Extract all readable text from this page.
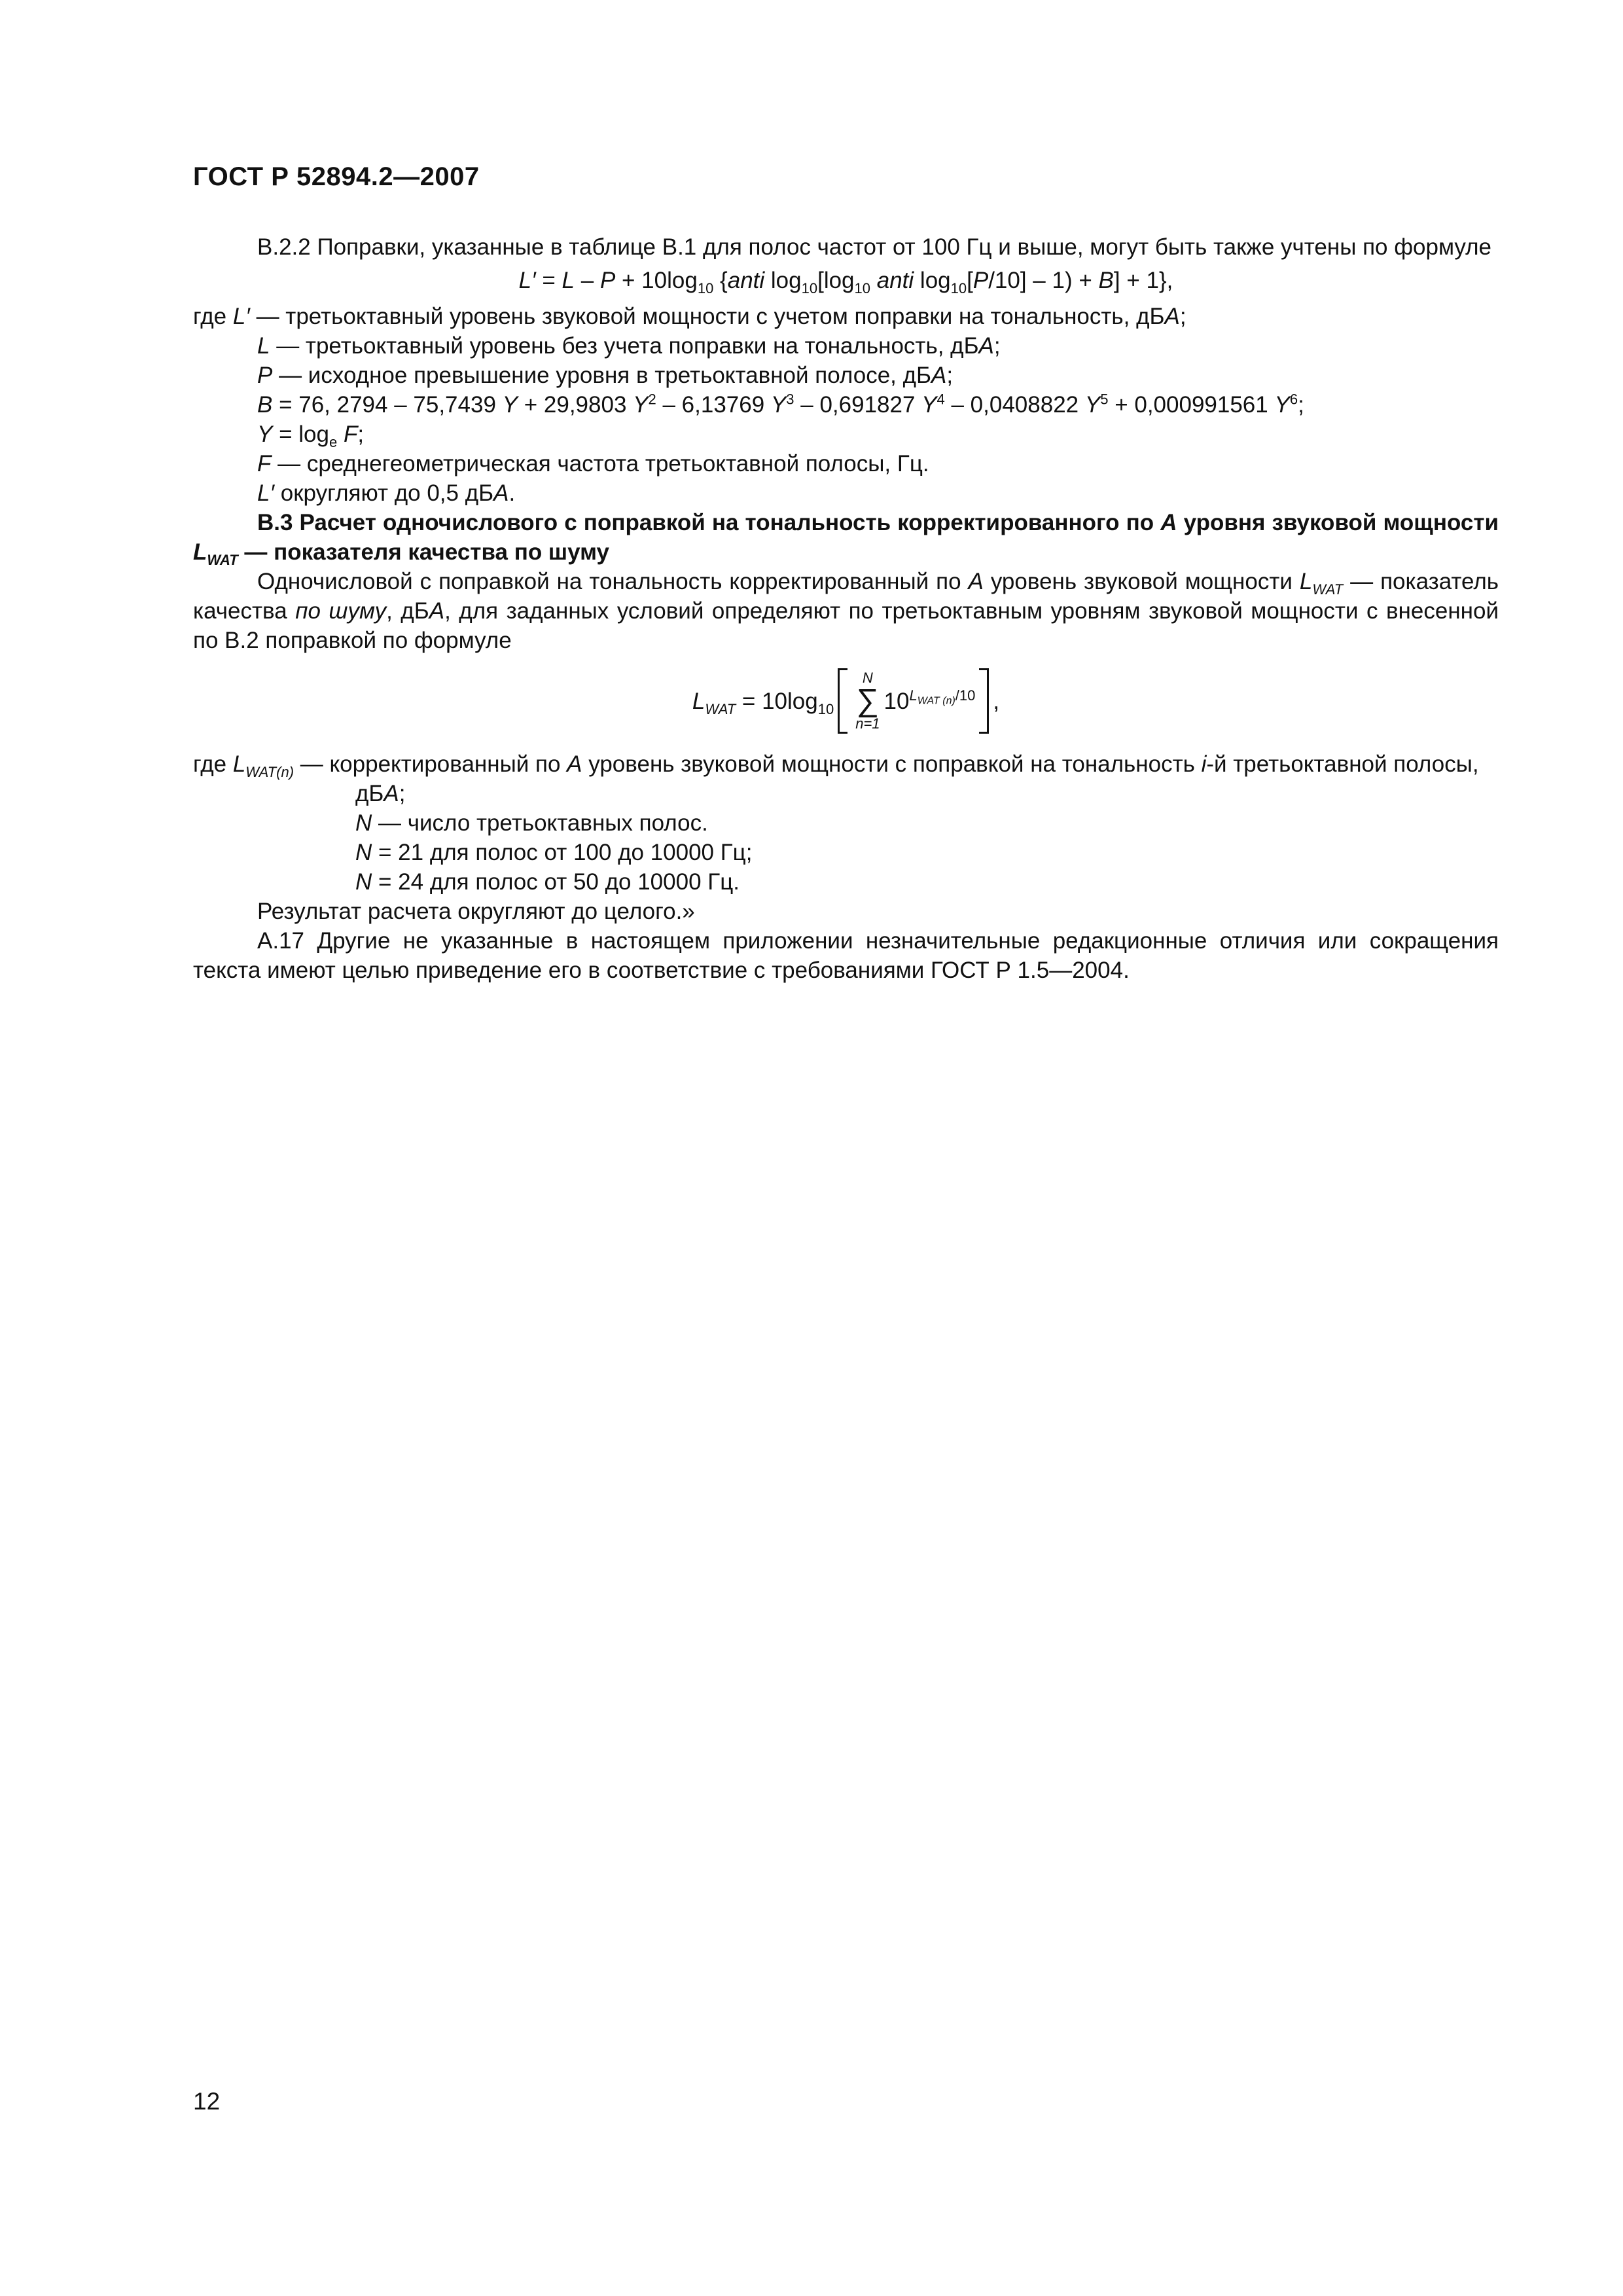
ГОСТ Р 52894.2—2007

В.2.2 Поправки, указанные в таблице В.1 для полос частот от 100 Гц и выше, могут быть также учтены по формуле

$L' = L - P + 10\log_{10}$ {anti $\log_{10}[\log_{10}$ anti $\log_{10}[P/10] - 1) + B] + 1$},

где L′ — третьоктавный уровень звуковой мощности с учетом поправки на тональность, дБА;

L — третьоктавный уровень без учета поправки на тональность, дБА;

P — исходное превышение уровня в третьоктавной полосе, дБА;

B = 76, 2794 – 75,7439 Y + 29,9803 $Y^2 - 6,13769$ $Y^3 - 0,691827$ $Y^4 - 0,0408822$ $Y^5 + 0,000991561$ $Y^6$;

$Y = \log_e F$;

F — среднегеометрическая частота третьоктавной полосы, Гц.

L′ округляют до 0,5 дБА.

В.3 Расчет одночислового с поправкой на тональность корректированного по А уровня звуковой мощности $L_{WAT}$ — показателя качества по шуму

Одночисловой с поправкой на тональность корректированный по А уровень звуковой мощности $L_{WAT}$ — показатель качества по шуму, дБА, для заданных условий определяют по третьоктавным уровням звуковой мощности с внесенной по В.2 поправкой по формуле

$L_{WAT} = 10\log_{10}$
N
∑
n=1
$10^{L_{WAT (n)}/10}$ ,

где $L_{WAT(n)}$ — корректированный по А уровень звуковой мощности с поправкой на тональность i-й третьоктавной полосы, дБА;

N — число третьоктавных полос.

N = 21 для полос от 100 до 10000 Гц;

N = 24 для полос от 50 до 10000 Гц.

Результат расчета округляют до целого.»

А.17 Другие не указанные в настоящем приложении незначительные редакционные отличия или сокращения текста имеют целью приведение его в соответствие с требованиями ГОСТ Р 1.5—2004.

12
